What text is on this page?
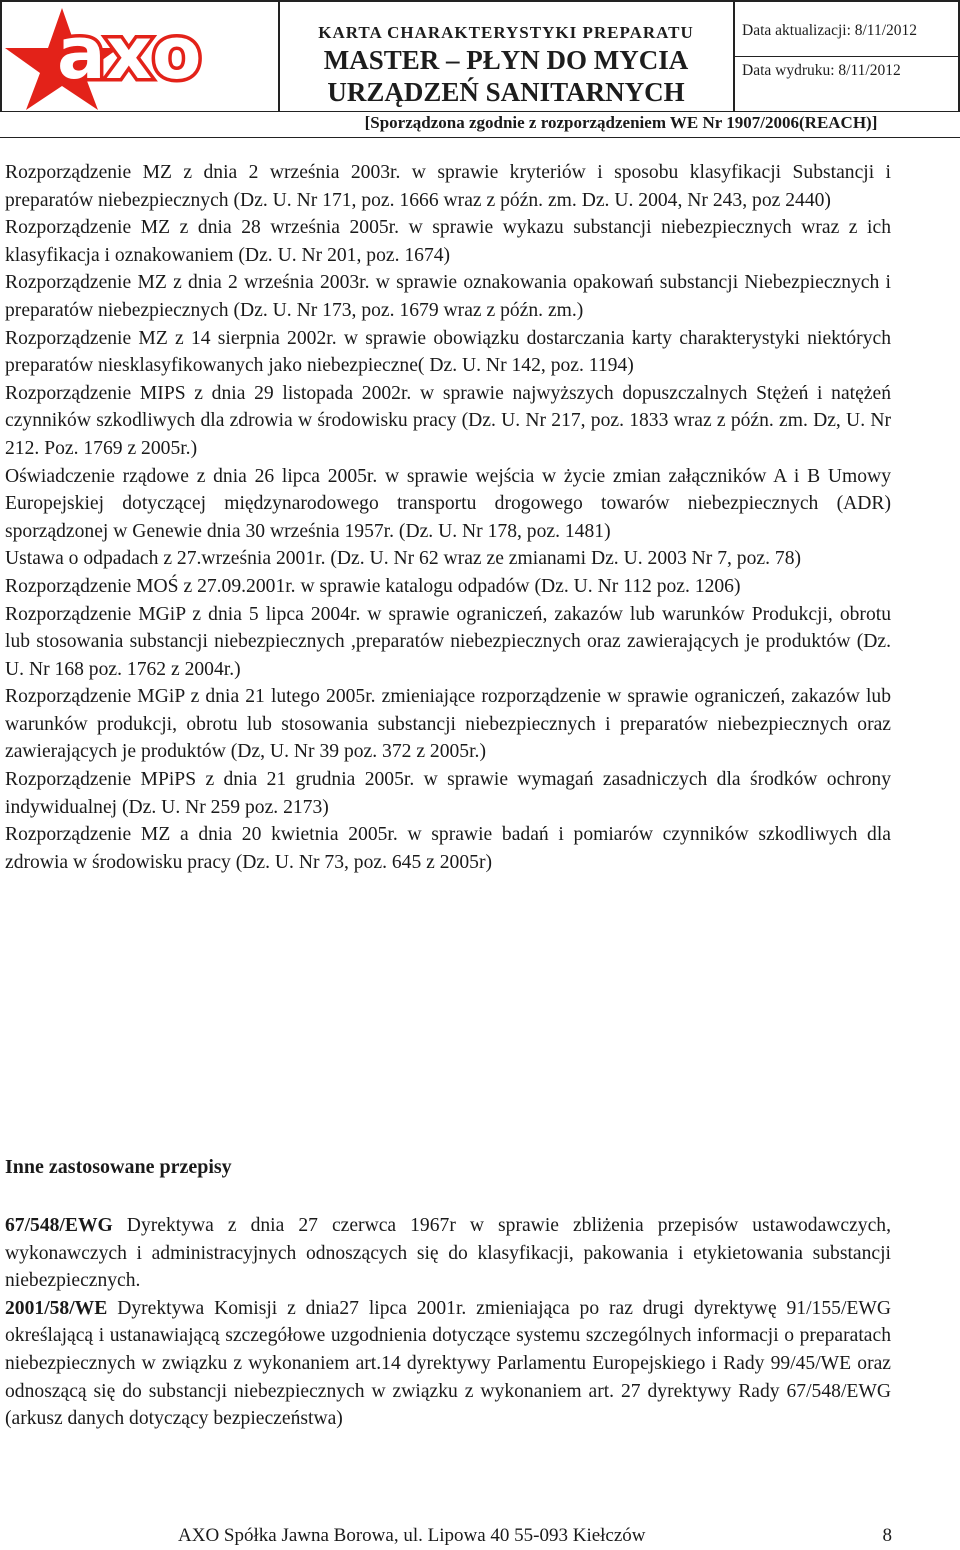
axo	KARTA CHARAKTERYSTYKI PREPARATU
MASTER – PŁYN DO MYCIA
URZĄDZEŃ SANITARNYCH
Data aktualizacji: 8/11/2012
Data wydruku: 8/11/2012
[Sporządzona zgodnie z rozporządzeniem WE Nr 1907/2006(REACH)]

Rozporządzenie MZ z dnia 2 września 2003r. w sprawie kryteriów i sposobu klasyfikacji Substancji i preparatów niebezpiecznych (Dz. U. Nr 171, poz. 1666 wraz z późn. zm. Dz. U. 2004, Nr 243, poz 2440)

Rozporządzenie MZ z dnia 28 września 2005r. w sprawie wykazu substancji niebezpiecznych wraz z ich klasyfikacja i oznakowaniem (Dz. U. Nr 201, poz. 1674)

Rozporządzenie MZ z dnia 2 września 2003r. w sprawie oznakowania opakowań substancji Niebezpiecznych i preparatów niebezpiecznych (Dz. U. Nr 173, poz. 1679 wraz z późn. zm.)

Rozporządzenie MZ z 14 sierpnia 2002r. w sprawie obowiązku dostarczania karty charakterystyki niektórych preparatów niesklasyfikowanych jako niebezpieczne( Dz. U. Nr 142, poz. 1194)

Rozporządzenie MIPS z dnia 29 listopada 2002r. w sprawie najwyższych dopuszczalnych Stężeń i natężeń czynników szkodliwych dla zdrowia w środowisku pracy (Dz. U. Nr 217, poz. 1833 wraz z późn. zm. Dz, U. Nr 212. Poz. 1769 z 2005r.)

Oświadczenie rządowe z dnia 26 lipca 2005r. w sprawie wejścia w życie zmian załączników A i B Umowy Europejskiej dotyczącej międzynarodowego transportu drogowego towarów niebezpiecznych (ADR) sporządzonej w Genewie dnia 30 września 1957r. (Dz. U. Nr 178, poz. 1481)

Ustawa o odpadach z 27.września 2001r. (Dz. U. Nr 62 wraz ze zmianami Dz. U. 2003 Nr 7, poz. 78)

Rozporządzenie MOŚ z 27.09.2001r. w sprawie katalogu odpadów (Dz. U. Nr 112 poz. 1206)

Rozporządzenie MGiP z dnia 5 lipca 2004r. w sprawie ograniczeń, zakazów lub warunków Produkcji, obrotu lub stosowania substancji niebezpiecznych ,preparatów niebezpiecznych oraz zawierających je produktów (Dz. U. Nr 168 poz. 1762 z 2004r.)

Rozporządzenie MGiP z dnia 21 lutego 2005r. zmieniające rozporządzenie w sprawie ograniczeń, zakazów lub warunków produkcji, obrotu lub stosowania substancji niebezpiecznych i preparatów niebezpiecznych oraz zawierających je produktów (Dz, U. Nr 39 poz. 372 z 2005r.)

Rozporządzenie MPiPS z dnia 21 grudnia 2005r. w sprawie wymagań zasadniczych dla środków ochrony indywidualnej (Dz. U. Nr 259 poz. 2173)

Rozporządzenie MZ a dnia 20 kwietnia 2005r. w sprawie badań i pomiarów czynników szkodliwych dla zdrowia w środowisku pracy (Dz. U. Nr 73, poz. 645 z 2005r)

Inne zastosowane przepisy

67/548/EWG Dyrektywa z dnia 27 czerwca 1967r w sprawie zbliżenia przepisów ustawodawczych, wykonawczych i administracyjnych odnoszących się do klasyfikacji, pakowania i etykietowania substancji niebezpiecznych.

2001/58/WE Dyrektywa Komisji z dnia27 lipca 2001r. zmieniająca po raz drugi dyrektywę 91/155/EWG określającą i ustanawiającą szczegółowe uzgodnienia dotyczące systemu szczególnych informacji o preparatach niebezpiecznych w związku z wykonaniem art.14 dyrektywy Parlamentu Europejskiego i Rady 99/45/WE oraz odnoszącą się do substancji niebezpiecznych w związku z wykonaniem art. 27 dyrektywy Rady 67/548/EWG (arkusz danych dotyczący bezpieczeństwa)

AXO Spółka Jawna Borowa, ul. Lipowa 40 55-093 Kiełczów	8
